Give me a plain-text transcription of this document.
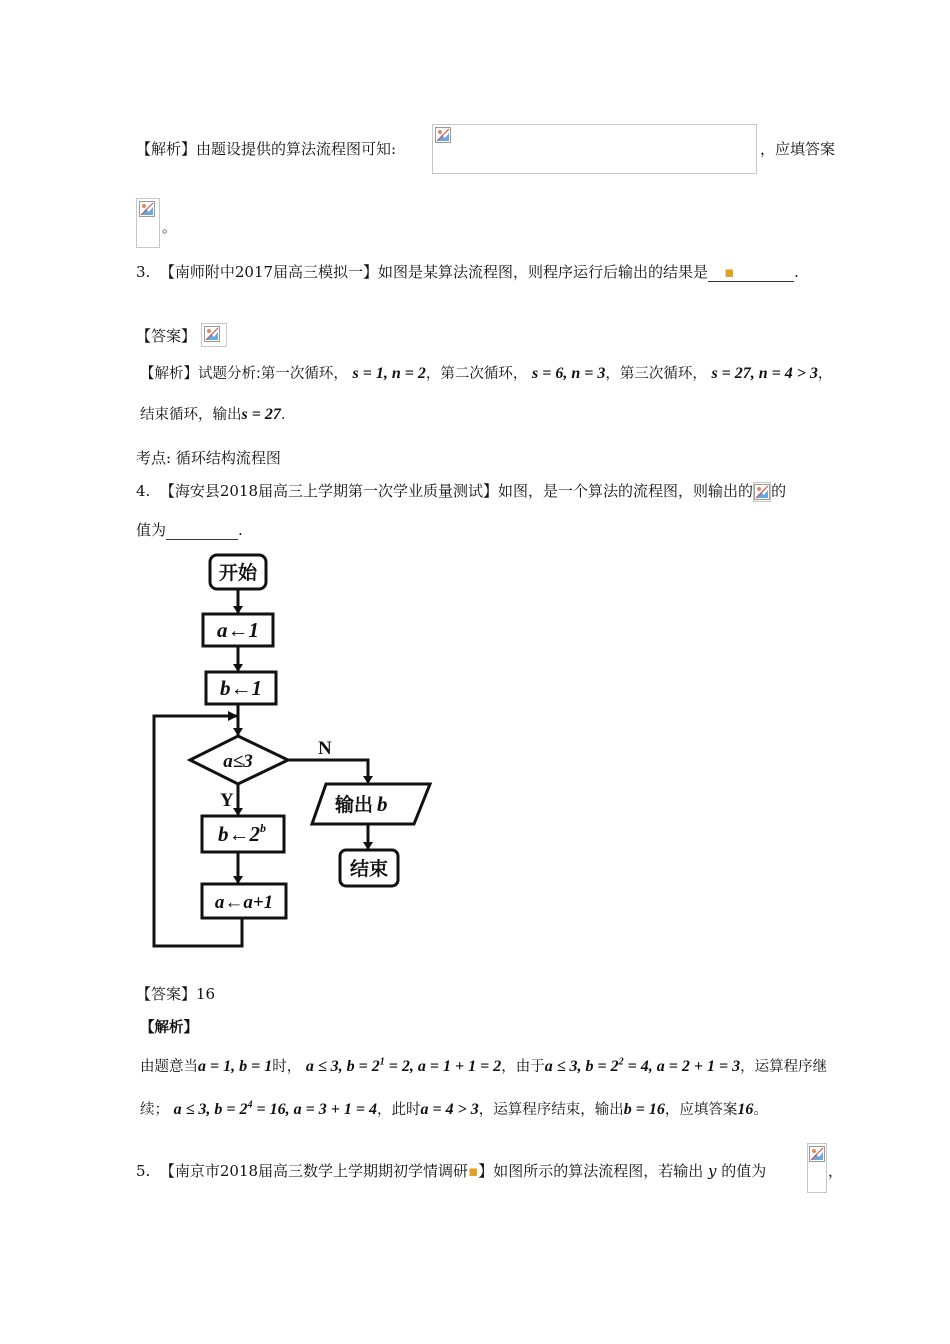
【解析】由题设提供的算法流程图可知:	，应填答案
。
3. 【南师附中2017届高三模拟一】如图是某算法流程图，则程序运行后输出的结果是 ▪	.
【答案】
【解析】试题分析:第一次循环， s = 1, n = 2，第二次循环， s = 6, n = 3，第三次循环， s = 27, n = 4 > 3，
结束循环，输出s = 27.
考点: 循环结构流程图
4. 【海安县2018届高三上学期第一次学业质量测试】如图，是一个算法的流程图，则输出的 的
值为	.
开始
a←1
b←1
a≤3
N
Y
b←2$^b$
a←a+1
输出 b
结束
【答案】16
【解析】
由题意当a = 1, b = 1时， a ≤ 3, $b = 2^1 = 2$, a = 1 + 1 = 2，由于a ≤ 3, $b = 2^2 = 4$, a = 2 + 1 = 3，运算程序继
续； a ≤ 3, $b = 2^4 = 16$, a = 3 + 1 = 4，此时a = 4 > 3，运算程序结束，输出b = 16，应填答案16。
5. 【南京市2018届高三数学上学期期初学情调研▪】如图所示的算法流程图，若输出 y 的值为	，
